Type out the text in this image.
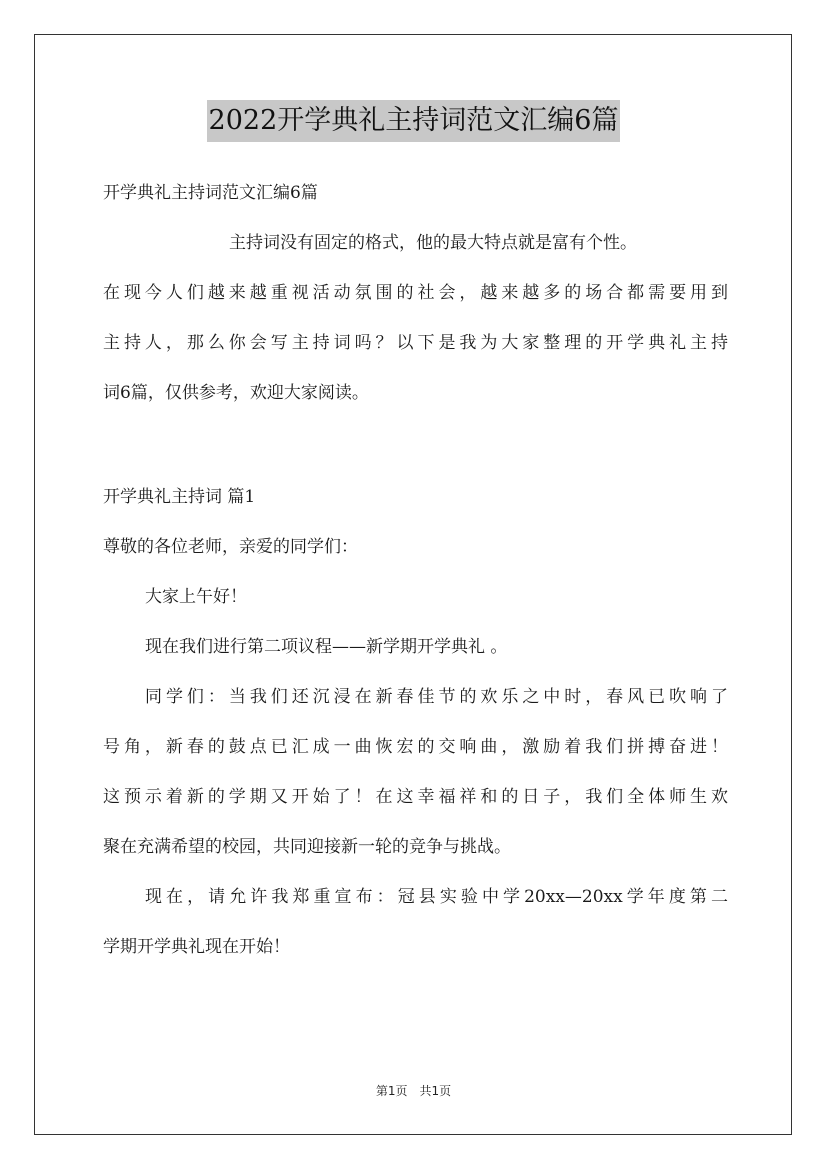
2022开学典礼主持词范文汇编6篇
开学典礼主持词范文汇编6篇
主持词没有固定的格式，他的最大特点就是富有个性。
在现今人们越来越重视活动氛围的社会，越来越多的场合都需要用到
主持人，那么你会写主持词吗？以下是我为大家整理的开学典礼主持
词6篇，仅供参考，欢迎大家阅读。
开学典礼主持词 篇1
尊敬的各位老师，亲爱的同学们：
大家上午好！
现在我们进行第二项议程——新学期开学典礼 。
同学们：当我们还沉浸在新春佳节的欢乐之中时，春风已吹响了
号角，新春的鼓点已汇成一曲恢宏的交响曲，激励着我们拼搏奋进！
这预示着新的学期又开始了！在这幸福祥和的日子，我们全体师生欢
聚在充满希望的校园，共同迎接新一轮的竞争与挑战。
现在，请允许我郑重宣布：冠县实验中学20xx—20xx学年度第二
学期开学典礼现在开始！
第1页 共1页
